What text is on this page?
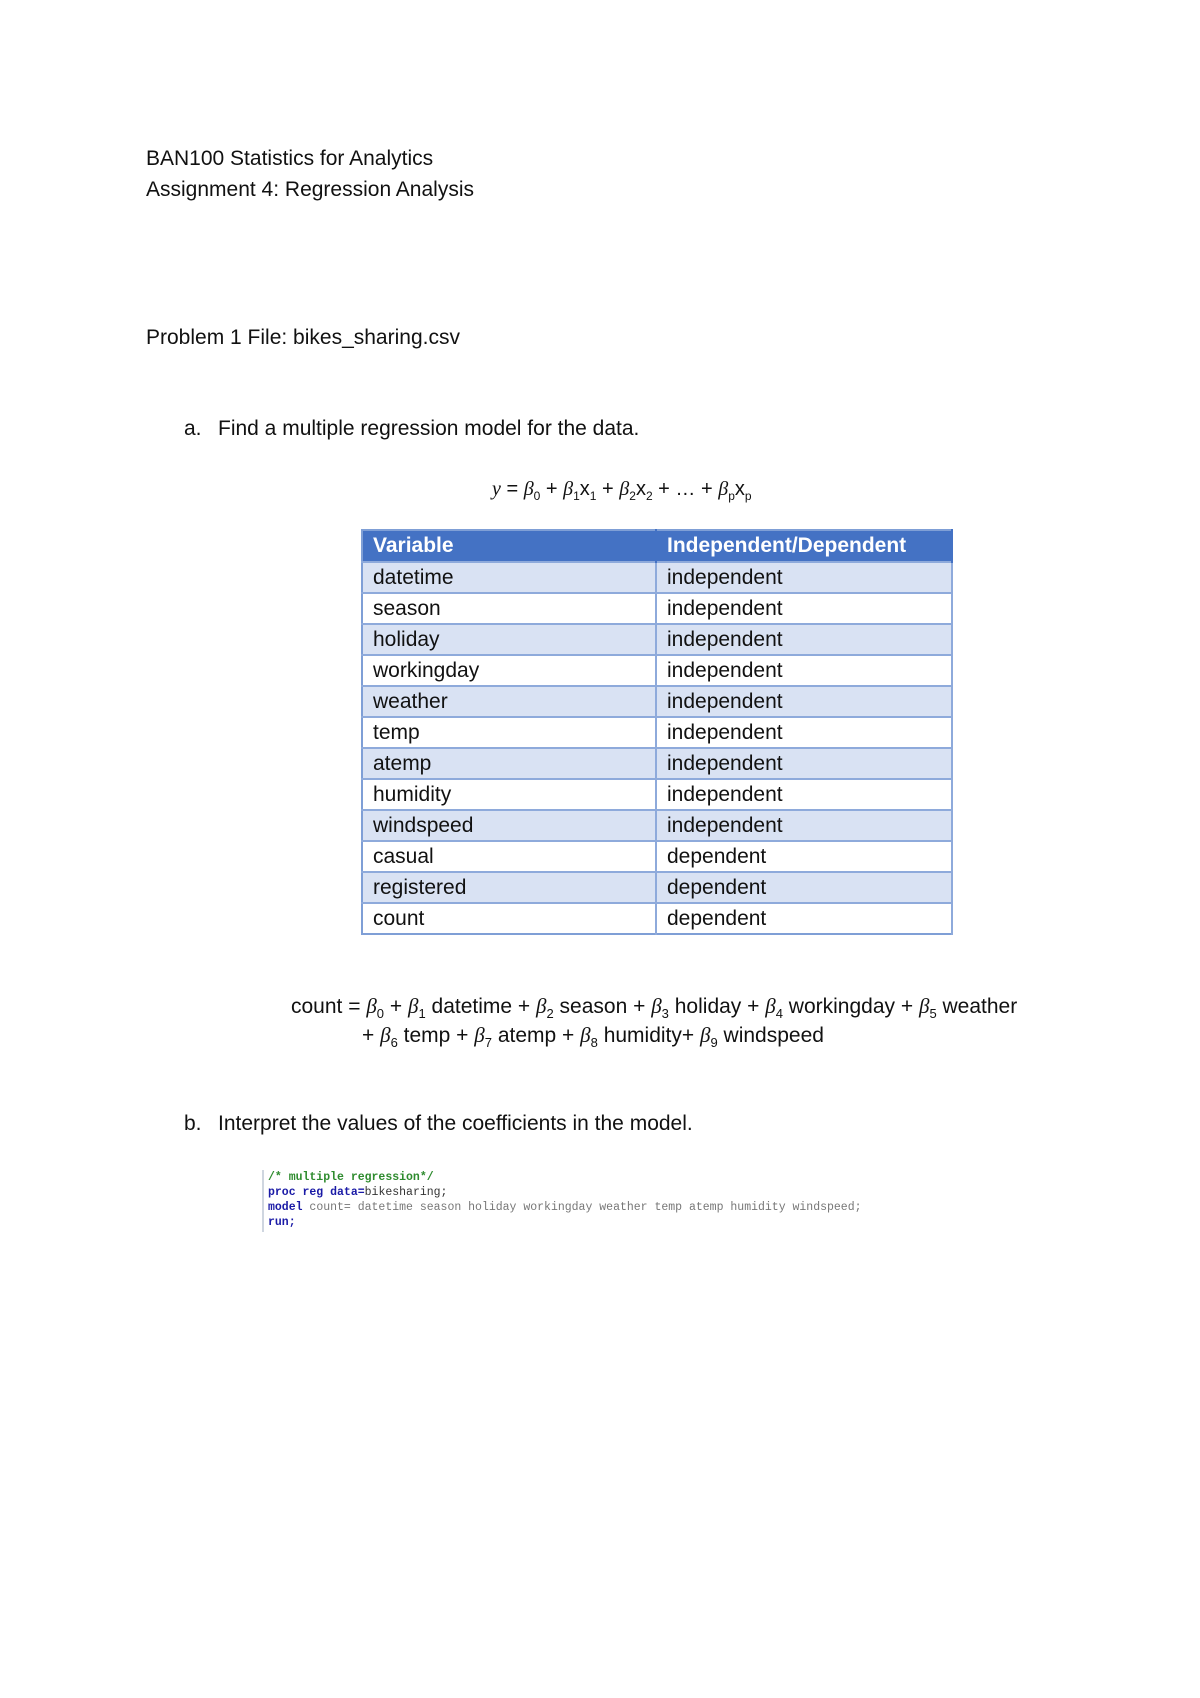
BAN100 Statistics for Analytics
Assignment 4: Regression Analysis
Problem 1 File: bikes_sharing.csv
a. Find a multiple regression model for the data.
$y = \beta_0 + \beta_1x_1 + \beta_2x_2$ + … + $\beta_px_p$
Variable	Independent/Dependent
datetime	independent
season	independent
holiday	independent
workingday	independent
weather	independent
temp	independent
atemp	independent
humidity	independent
windspeed	independent
casual	dependent
registered	dependent
count	dependent
count = $\beta_0 + \beta_1$ datetime + $\beta_2$ season + $\beta_3$ holiday + $\beta_4$ workingday + $\beta_5$ weather
+ $\beta_6$ temp + $\beta_7$ atemp + $\beta_8$ humidity+ $\beta_9$ windspeed
b. Interpret the values of the coefficients in the model.
/* multiple regression*/
proc reg data=bikesharing;
model count= datetime season holiday workingday weather temp atemp humidity windspeed;
run;
